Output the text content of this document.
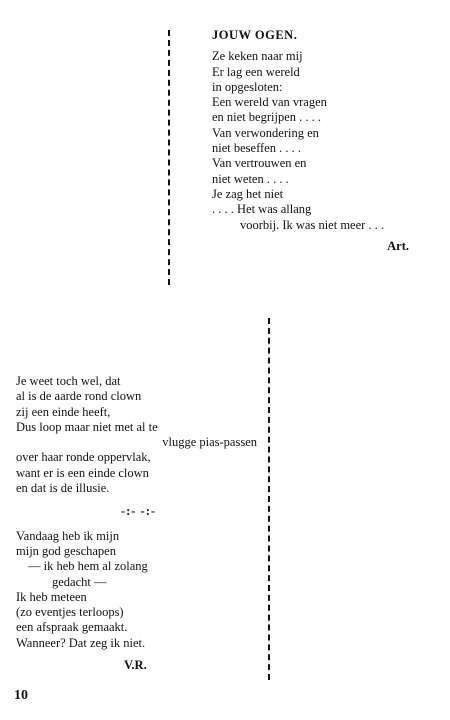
JOUW OGEN.
Ze keken naar mij
Er lag een wereld
in opgesloten:
Een wereld van vragen
en niet begrijpen . . . .
Van verwondering en
niet beseffen . . . .
Van vertrouwen en
niet weten . . . .
Je zag het niet
. . . . Het was allang
voorbij. Ik was niet meer . . .
Art.
Je weet toch wel, dat
al is de aarde rond clown
zij een einde heeft,
Dus loop maar niet met al te
vlugge pias-passen
over haar ronde oppervlak,
want er is een einde clown
en dat is de illusie.
-:- -:-
Vandaag heb ik mijn
mijn god geschapen
— ik heb hem al zolang
gedacht —
Ik heb meteen
(zo eventjes terloops)
een afspraak gemaakt.
Wanneer? Dat zeg ik niet.
V.R.
10
